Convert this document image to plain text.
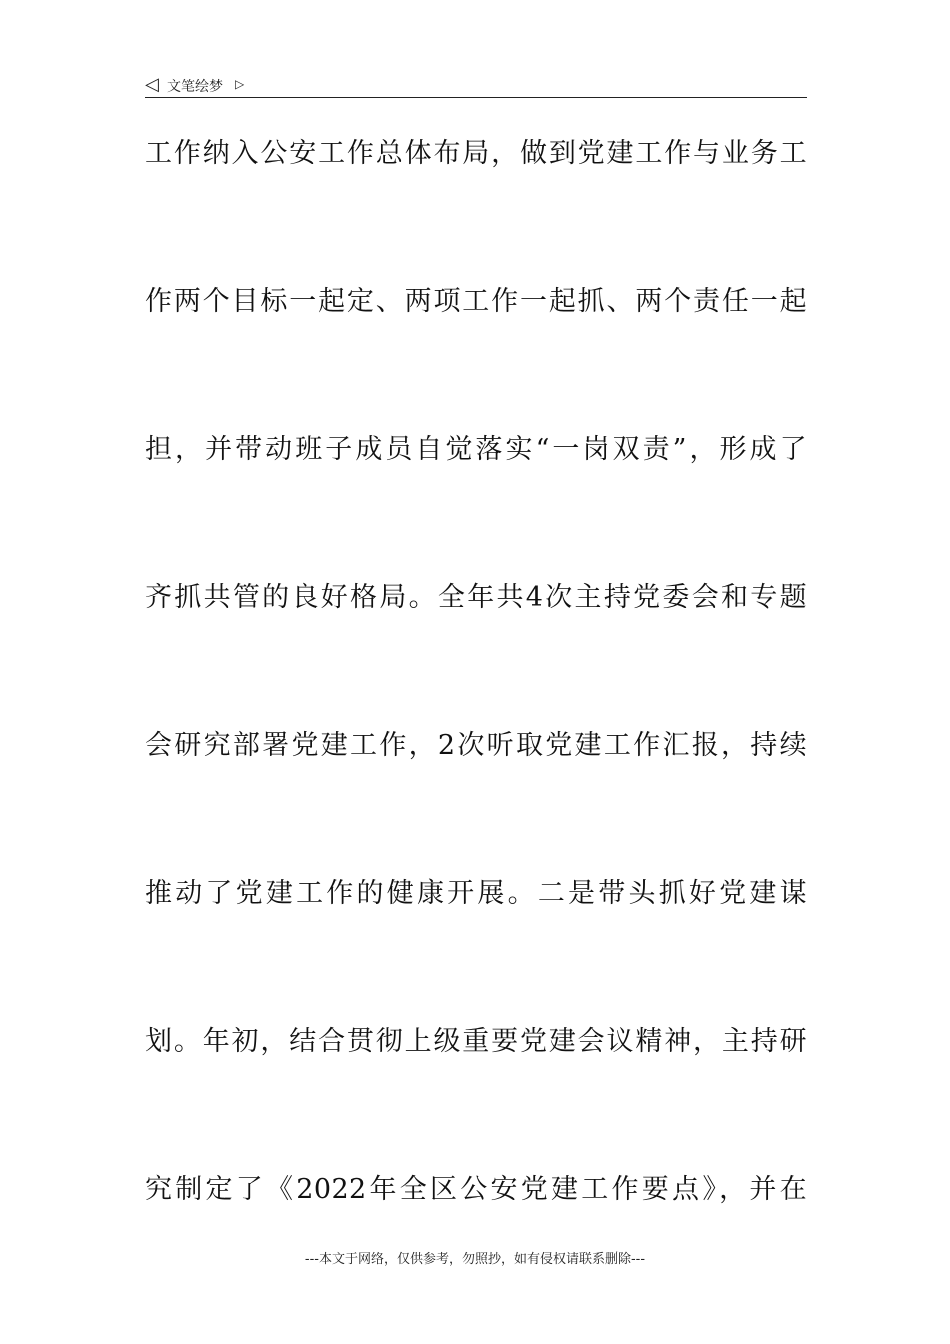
◁ 文笔绘梦 ▷
工作纳入公安工作总体布局，做到党建工作与业务工
作两个目标一起定、两项工作一起抓、两个责任一起
担，并带动班子成员自觉落实“一岗双责”，形成了
齐抓共管的良好格局。全年共4次主持党委会和专题
会研究部署党建工作，2次听取党建工作汇报，持续
推动了党建工作的健康开展。二是带头抓好党建谋
划。年初，结合贯彻上级重要党建会议精神，主持研
究制定了《2022年全区公安党建工作要点》，并在
---本文于网络，仅供参考，勿照抄，如有侵权请联系删除---
